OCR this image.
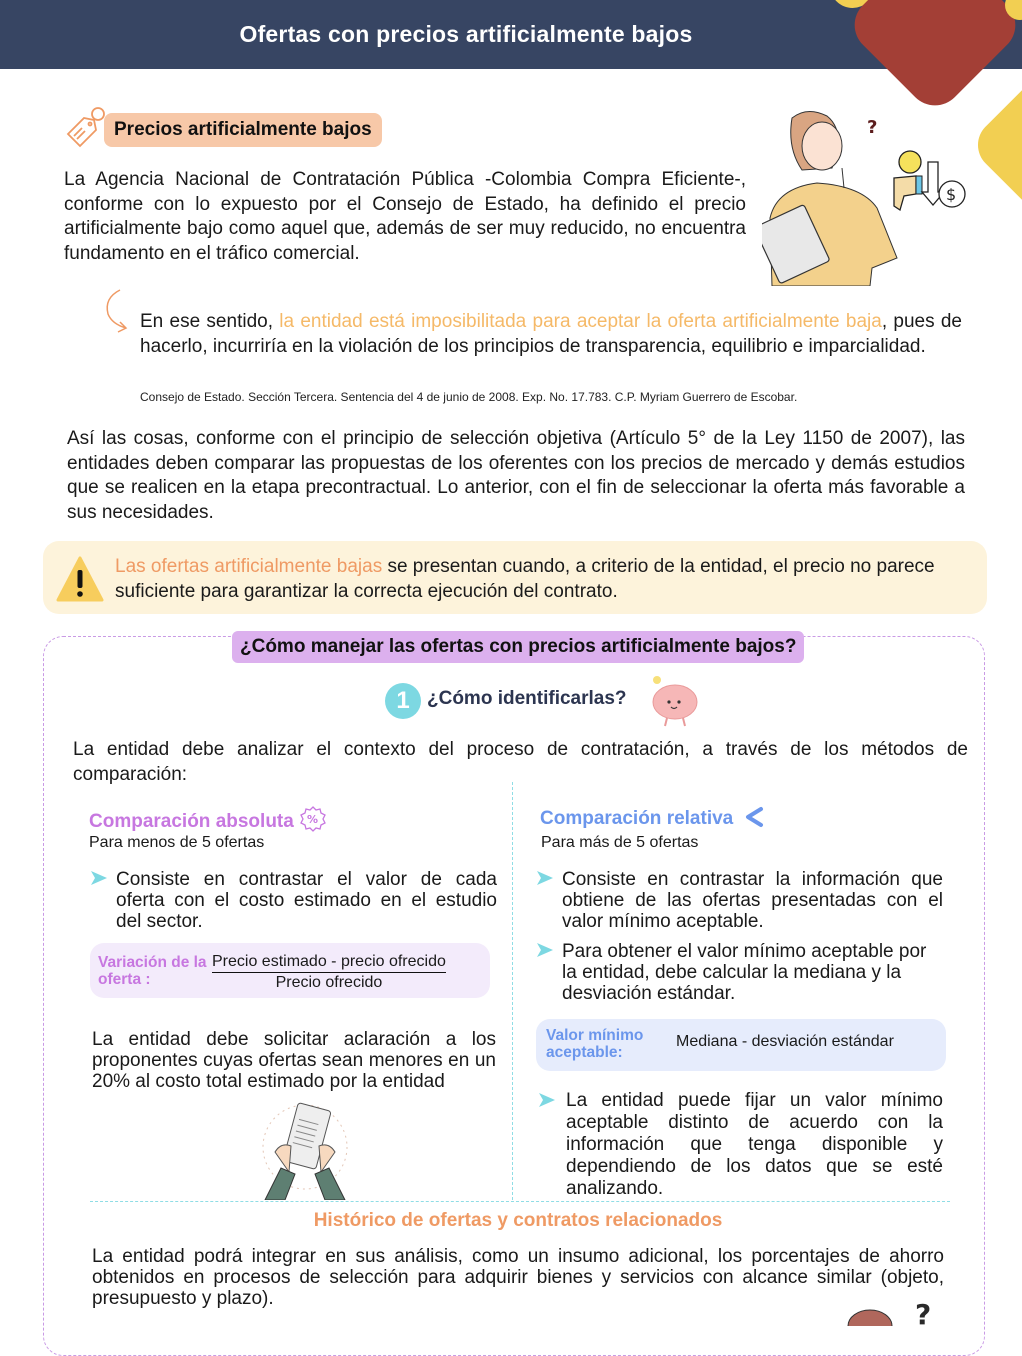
Ofertas con precios artificialmente bajos
Precios artificialmente bajos
La Agencia Nacional de Contratación Pública -Colombia Compra Eficiente-, conforme con lo expuesto por el Consejo de Estado, ha definido el precio artificialmente bajo como aquel que, además de ser muy reducido, no encuentra fundamento en el tráfico comercial.
?
$
En ese sentido, la entidad está imposibilitada para aceptar la oferta artificialmente baja, pues de hacerlo, incurriría en la violación de los principios de transparencia, equilibrio e imparcialidad.
Consejo de Estado. Sección Tercera. Sentencia del 4 de junio de 2008. Exp. No. 17.783. C.P. Myriam Guerrero de Escobar.
Así las cosas, conforme con el principio de selección objetiva (Artículo 5° de la Ley 1150 de 2007), las entidades deben comparar las propuestas de los oferentes con los precios de mercado y demás estudios que se realicen en la etapa precontractual. Lo anterior, con el fin de seleccionar la oferta más favorable a sus necesidades.
Las ofertas artificialmente bajas se presentan cuando, a criterio de la entidad, el precio no parece suficiente para garantizar la correcta ejecución del contrato.
¿Cómo manejar las ofertas con precios artificialmente bajos?
1 ¿Cómo identificarlas?
La entidad debe analizar el contexto del proceso de contratación, a través de los métodos de comparación:
Comparación absoluta %
Para menos de 5 ofertas
Consiste en contrastar el valor de cada oferta con el costo estimado en el estudio del sector.
Variación de la oferta :	$\frac{\text{Precio estimado - precio ofrecido}}{\text{Precio ofrecido}}$
La entidad debe solicitar aclaración a los proponentes cuyas ofertas sean menores en un 20% al costo total estimado por la entidad
Comparación relativa
Para más de 5 ofertas
Consiste en contrastar la información que obtiene de las ofertas presentadas con el valor mínimo aceptable.
Para obtener el valor mínimo aceptable por la entidad, debe calcular la mediana y la desviación estándar.
Valor mínimo aceptable:
Mediana - desviación estándar
La entidad puede fijar un valor mínimo aceptable distinto de acuerdo con la información que tenga disponible y dependiendo de los datos que se esté analizando.
Histórico de ofertas y contratos relacionados
La entidad podrá integrar en sus análisis, como un insumo adicional, los porcentajes de ahorro obtenidos en procesos de selección para adquirir bienes y servicios con alcance similar (objeto, presupuesto y plazo).	?
